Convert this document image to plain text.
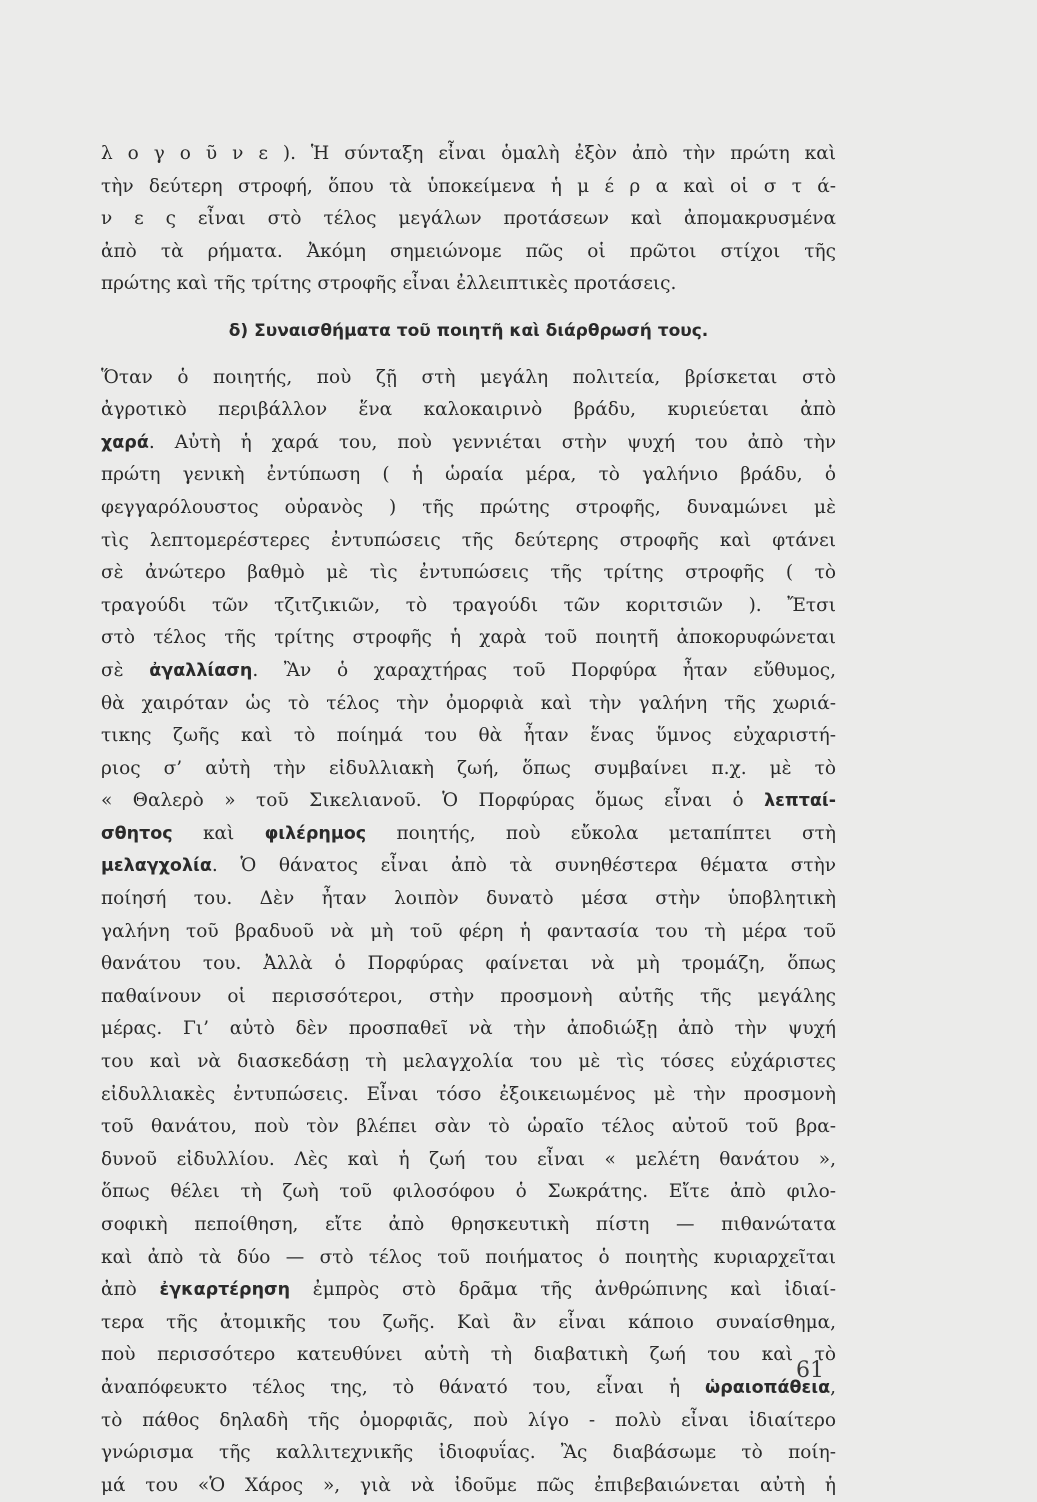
λ ο γ ο ῦ ν ε ). Ἡ σύνταξη εἶναι ὁμαλὴ ἐξὸν ἀπὸ τὴν πρώτη καὶ
τὴν δεύτερη στροφή, ὅπου τὰ ὑποκείμενα ἡ μ έ ρ α καὶ οἱ σ τ ά-
ν ε ς εἶναι στὸ τέλος μεγάλων προτάσεων καὶ ἀπομακρυσμένα
ἀπὸ τὰ ρήματα. Ἀκόμη σημειώνομε πῶς οἱ πρῶτοι στίχοι τῆς
πρώτης καὶ τῆς τρίτης στροφῆς εἶναι ἐλλειπτικὲς προτάσεις.
δ) Συναισθήματα τοῦ ποιητῆ καὶ διάρθρωσή τους.
Ὅταν ὁ ποιητής, ποὺ ζῇ στὴ μεγάλη πολιτεία, βρίσκεται στὸ
ἀγροτικὸ περιβάλλον ἕνα καλοκαιρινὸ βράδυ, κυριεύεται ἀπὸ
χαρά. Αὐτὴ ἡ χαρά του, ποὺ γεννιέται στὴν ψυχή του ἀπὸ τὴν
πρώτη γενικὴ ἐντύπωση ( ἡ ὡραία μέρα, τὸ γαλήνιο βράδυ, ὁ
φεγγαρόλουστος οὐρανὸς ) τῆς πρώτης στροφῆς, δυναμώνει μὲ
τὶς λεπτομερέστερες ἐντυπώσεις τῆς δεύτερης στροφῆς καὶ φτάνει
σὲ ἀνώτερο βαθμὸ μὲ τὶς ἐντυπώσεις τῆς τρίτης στροφῆς ( τὸ
τραγούδι τῶν τζιτζικιῶν, τὸ τραγούδι τῶν κοριτσιῶν ). Ἔτσι
στὸ τέλος τῆς τρίτης στροφῆς ἡ χαρὰ τοῦ ποιητῆ ἀποκορυφώνεται
σὲ ἀγαλλίαση. Ἂν ὁ χαραχτήρας τοῦ Πορφύρα ἦταν εὔθυμος,
θὰ χαιρόταν ὡς τὸ τέλος τὴν ὀμορφιὰ καὶ τὴν γαλήνη τῆς χωριά-
τικης ζωῆς καὶ τὸ ποίημά του θὰ ἦταν ἕνας ὕμνος εὐχαριστή-
ριος σ’ αὐτὴ τὴν εἰδυλλιακὴ ζωή, ὅπως συμβαίνει π.χ. μὲ τὸ
« Θαλερὸ » τοῦ Σικελιανοῦ. Ὁ Πορφύρας ὅμως εἶναι ὁ λεπταί-
σθητος καὶ φιλέρημος ποιητής, ποὺ εὔκολα μεταπίπτει στὴ
μελαγχολία. Ὁ θάνατος εἶναι ἀπὸ τὰ συνηθέστερα θέματα στὴν
ποίησή του. Δὲν ἦταν λοιπὸν δυνατὸ μέσα στὴν ὑποβλητικὴ
γαλήνη τοῦ βραδυοῦ νὰ μὴ τοῦ φέρη ἡ φαντασία του τὴ μέρα τοῦ
θανάτου του. Ἀλλὰ ὁ Πορφύρας φαίνεται νὰ μὴ τρομάζη, ὅπως
παθαίνουν οἱ περισσότεροι, στὴν προσμονὴ αὐτῆς τῆς μεγάλης
μέρας. Γι’ αὐτὸ δὲν προσπαθεῖ νὰ τὴν ἀποδιώξῃ ἀπὸ τὴν ψυχή
του καὶ νὰ διασκεδάσῃ τὴ μελαγχολία του μὲ τὶς τόσες εὐχάριστες
εἰδυλλιακὲς ἐντυπώσεις. Εἶναι τόσο ἐξοικειωμένος μὲ τὴν προσμονὴ
τοῦ θανάτου, ποὺ τὸν βλέπει σὰν τὸ ὡραῖο τέλος αὐτοῦ τοῦ βρα-
δυνοῦ εἰδυλλίου. Λὲς καὶ ἡ ζωή του εἶναι « μελέτη θανάτου »,
ὅπως θέλει τὴ ζωὴ τοῦ φιλοσόφου ὁ Σωκράτης. Εἴτε ἀπὸ φιλο-
σοφικὴ πεποίθηση, εἴτε ἀπὸ θρησκευτικὴ πίστη — πιθανώτατα
καὶ ἀπὸ τὰ δύο — στὸ τέλος τοῦ ποιήματος ὁ ποιητὴς κυριαρχεῖται
ἀπὸ ἐγκαρτέρηση ἐμπρὸς στὸ δρᾶμα τῆς ἀνθρώπινης καὶ ἰδιαί-
τερα τῆς ἀτομικῆς του ζωῆς. Καὶ ἂν εἶναι κάποιο συναίσθημα,
ποὺ περισσότερο κατευθύνει αὐτὴ τὴ διαβατικὴ ζωή του καὶ τὸ
ἀναπόφευκτο τέλος της, τὸ θάνατό του, εἶναι ἡ ὡραιοπάθεια,
τὸ πάθος δηλαδὴ τῆς ὀμορφιᾶς, ποὺ λίγο - πολὺ εἶναι ἰδιαίτερο
γνώρισμα τῆς καλλιτεχνικῆς ἰδιοφυΐας. Ἂς διαβάσωμε τὸ ποίη-
μά του «Ὁ Χάρος », γιὰ νὰ ἰδοῦμε πῶς ἐπιβεβαιώνεται αὐτὴ ἡ
61
